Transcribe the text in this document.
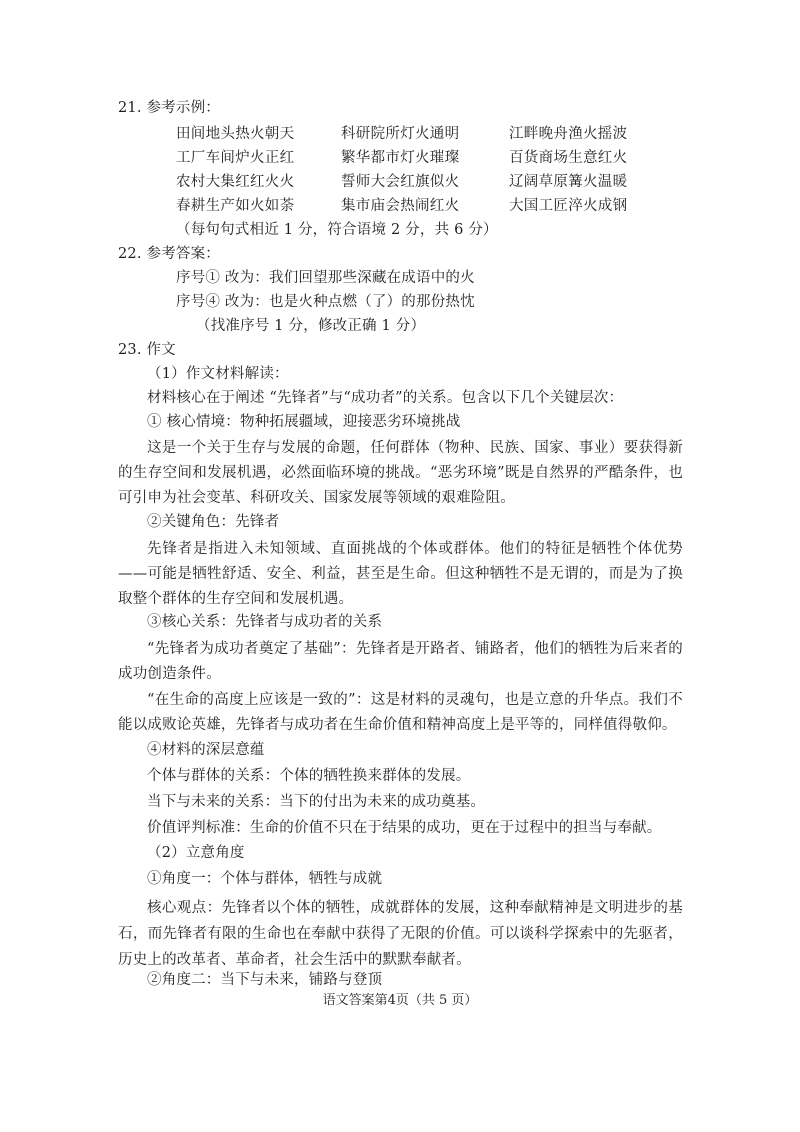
21. 参考示例：
田间地头热火朝天	科研院所灯火通明	江畔晚舟渔火摇波
工厂车间炉火正红	繁华都市灯火璀璨	百货商场生意红火
农村大集红红火火	誓师大会红旗似火	辽阔草原篝火温暖
春耕生产如火如荼	集市庙会热闹红火	大国工匠淬火成钢
（每句句式相近 1 分，符合语境 2 分，共 6 分）
22. 参考答案：
序号① 改为：我们回望那些深藏在成语中的火
序号④ 改为：也是火种点燃（了）的那份热忱
（找准序号 1 分，修改正确 1 分）
23. 作文
（1）作文材料解读：
材料核心在于阐述 “先锋者”与“成功者”的关系。包含以下几个关键层次：
① 核心情境：物种拓展疆域，迎接恶劣环境挑战
这是一个关于生存与发展的命题，任何群体（物种、民族、国家、事业）要获得新的生存空间和发展机遇，必然面临环境的挑战。“恶劣环境”既是自然界的严酷条件，也可引申为社会变革、科研攻关、国家发展等领域的艰难险阻。
②关键角色：先锋者
先锋者是指进入未知领域、直面挑战的个体或群体。他们的特征是牺牲个体优势——可能是牺牲舒适、安全、利益，甚至是生命。但这种牺牲不是无谓的，而是为了换取整个群体的生存空间和发展机遇。
③核心关系：先锋者与成功者的关系
“先锋者为成功者奠定了基础”：先锋者是开路者、铺路者，他们的牺牲为后来者的成功创造条件。
“在生命的高度上应该是一致的”：这是材料的灵魂句，也是立意的升华点。我们不能以成败论英雄，先锋者与成功者在生命价值和精神高度上是平等的，同样值得敬仰。
④材料的深层意蕴
个体与群体的关系：个体的牺牲换来群体的发展。
当下与未来的关系：当下的付出为未来的成功奠基。
价值评判标准：生命的价值不只在于结果的成功，更在于过程中的担当与奉献。
（2）立意角度
①角度一：个体与群体，牺牲与成就
核心观点：先锋者以个体的牺牲，成就群体的发展，这种奉献精神是文明进步的基石，而先锋者有限的生命也在奉献中获得了无限的价值。可以谈科学探索中的先驱者，历史上的改革者、革命者，社会生活中的默默奉献者。
②角度二：当下与未来，铺路与登顶
语文答案第4页（共 5 页）
